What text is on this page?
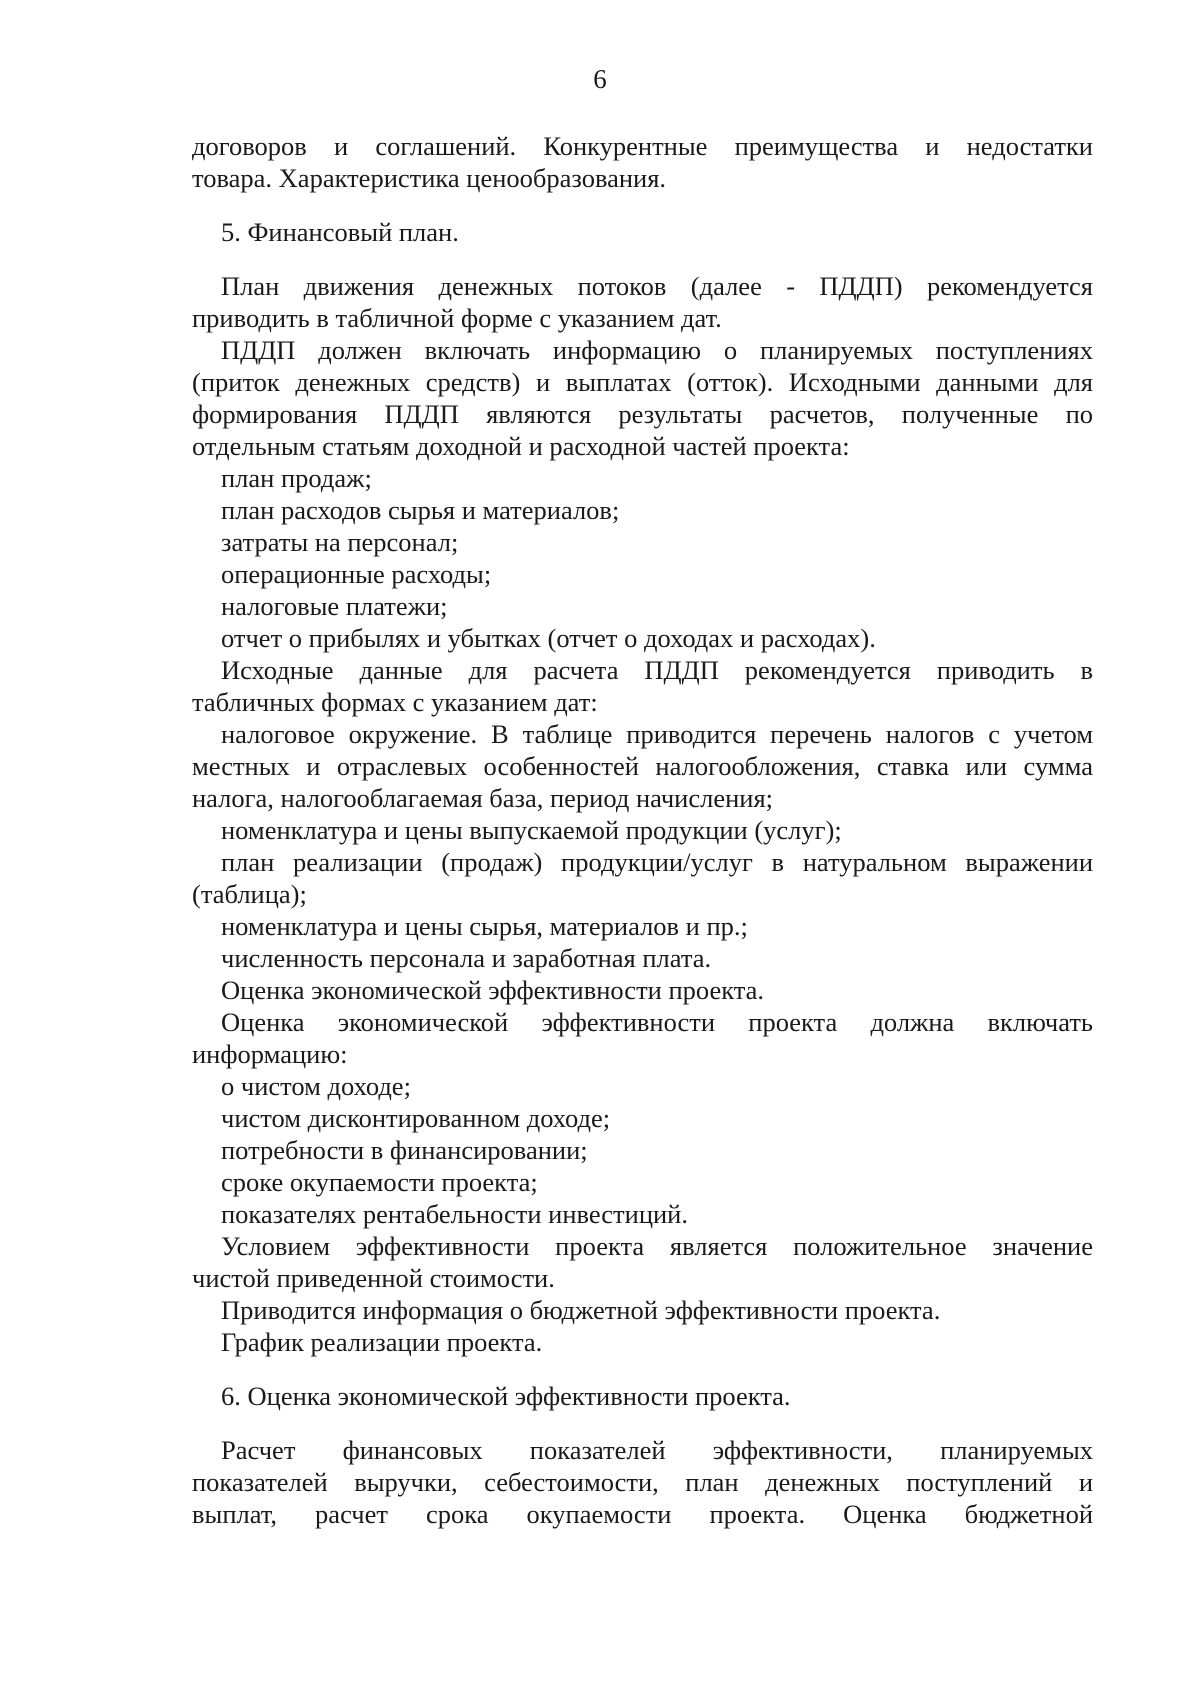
6
договоров и соглашений. Конкурентные преимущества и недостатки
товара. Характеристика ценообразования.
5. Финансовый план.
План движения денежных потоков (далее - ПДДП) рекомендуется
приводить в табличной форме с указанием дат.
ПДДП должен включать информацию о планируемых поступлениях
(приток денежных средств) и выплатах (отток). Исходными данными для
формирования ПДДП являются результаты расчетов, полученные по
отдельным статьям доходной и расходной частей проекта:
план продаж;
план расходов сырья и материалов;
затраты на персонал;
операционные расходы;
налоговые платежи;
отчет о прибылях и убытках (отчет о доходах и расходах).
Исходные данные для расчета ПДДП рекомендуется приводить в
табличных формах с указанием дат:
налоговое окружение. В таблице приводится перечень налогов с учетом
местных и отраслевых особенностей налогообложения, ставка или сумма
налога, налогооблагаемая база, период начисления;
номенклатура и цены выпускаемой продукции (услуг);
план реализации (продаж) продукции/услуг в натуральном выражении
(таблица);
номенклатура и цены сырья, материалов и пр.;
численность персонала и заработная плата.
Оценка экономической эффективности проекта.
Оценка экономической эффективности проекта должна включать
информацию:
о чистом доходе;
чистом дисконтированном доходе;
потребности в финансировании;
сроке окупаемости проекта;
показателях рентабельности инвестиций.
Условием эффективности проекта является положительное значение
чистой приведенной стоимости.
Приводится информация о бюджетной эффективности проекта.
График реализации проекта.
6. Оценка экономической эффективности проекта.
Расчет финансовых показателей эффективности, планируемых
показателей выручки, себестоимости, план денежных поступлений и
выплат, расчет срока окупаемости проекта. Оценка бюджетной
